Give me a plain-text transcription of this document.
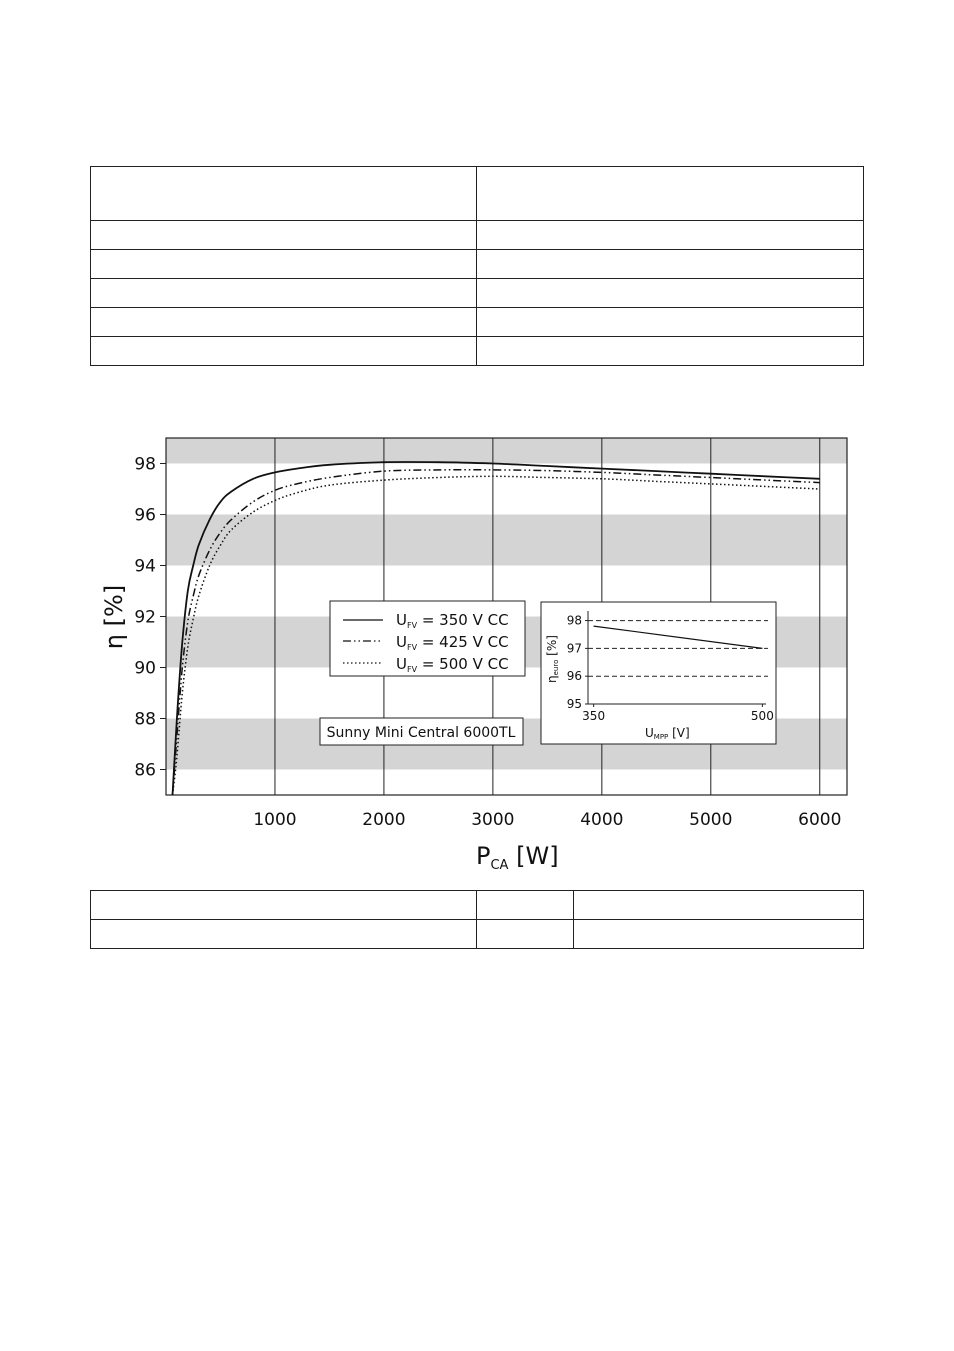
86
88
90
92
94
96
98
1000	2000	3000	4000	5000	6000
η [%]
$P_{CA}$ [W]
$U_{FV} = 350$ V CC
$U_{FV} = 425$ V CC
$U_{FV} = 500$ V CC
Sunny Mini Central 6000TL
95
96
97
98
350	500
UMPP [V]
ηeuro [%]
